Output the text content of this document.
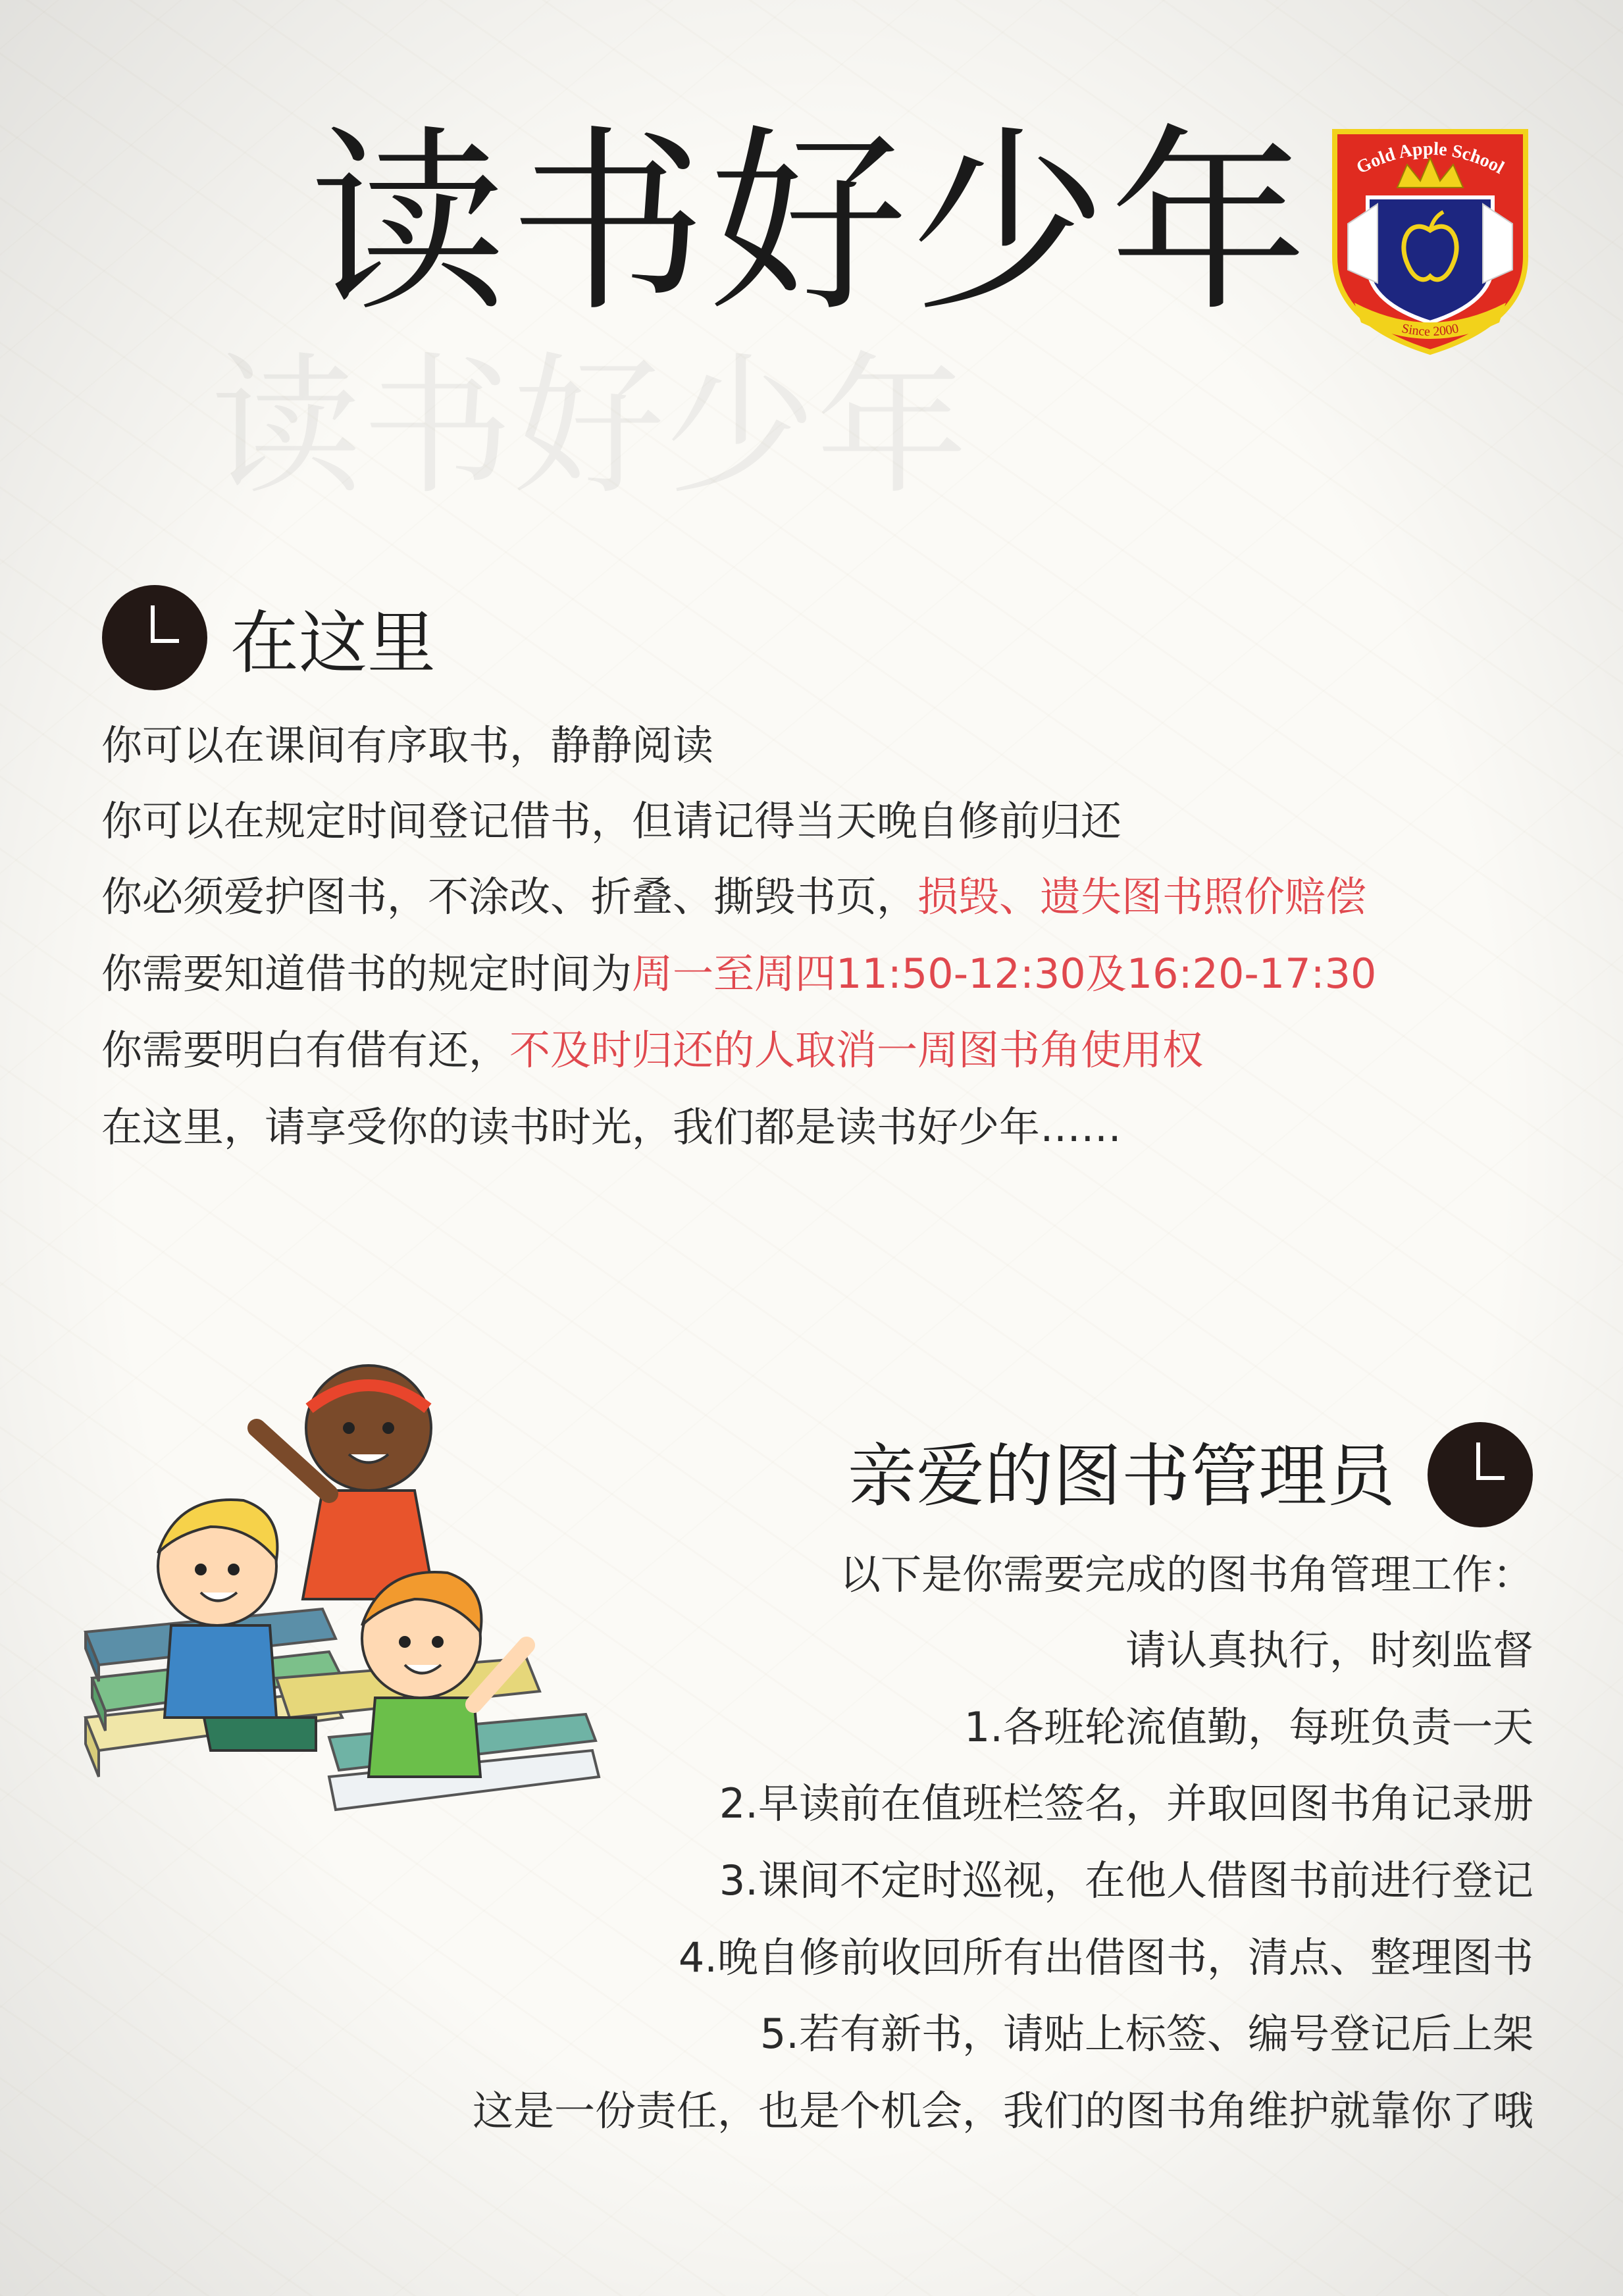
读书好少年
读书好少年 Gold Apple School
Since 2000
在这里
你可以在课间有序取书，静静阅读
你可以在规定时间登记借书，但请记得当天晚自修前归还
你必须爱护图书，不涂改、折叠、撕毁书页，损毁、遗失图书照价赔偿
你需要知道借书的规定时间为周一至周四11:50-12:30及16:20-17:30
你需要明白有借有还，不及时归还的人取消一周图书角使用权
在这里，请享受你的读书时光，我们都是读书好少年……
亲爱的图书管理员
以下是你需要完成的图书角管理工作：
请认真执行，时刻监督
1.各班轮流值勤，每班负责一天
2.早读前在值班栏签名，并取回图书角记录册
3.课间不定时巡视，在他人借图书前进行登记
4.晚自修前收回所有出借图书，清点、整理图书
5.若有新书，请贴上标签、编号登记后上架
这是一份责任，也是个机会，我们的图书角维护就靠你了哦
